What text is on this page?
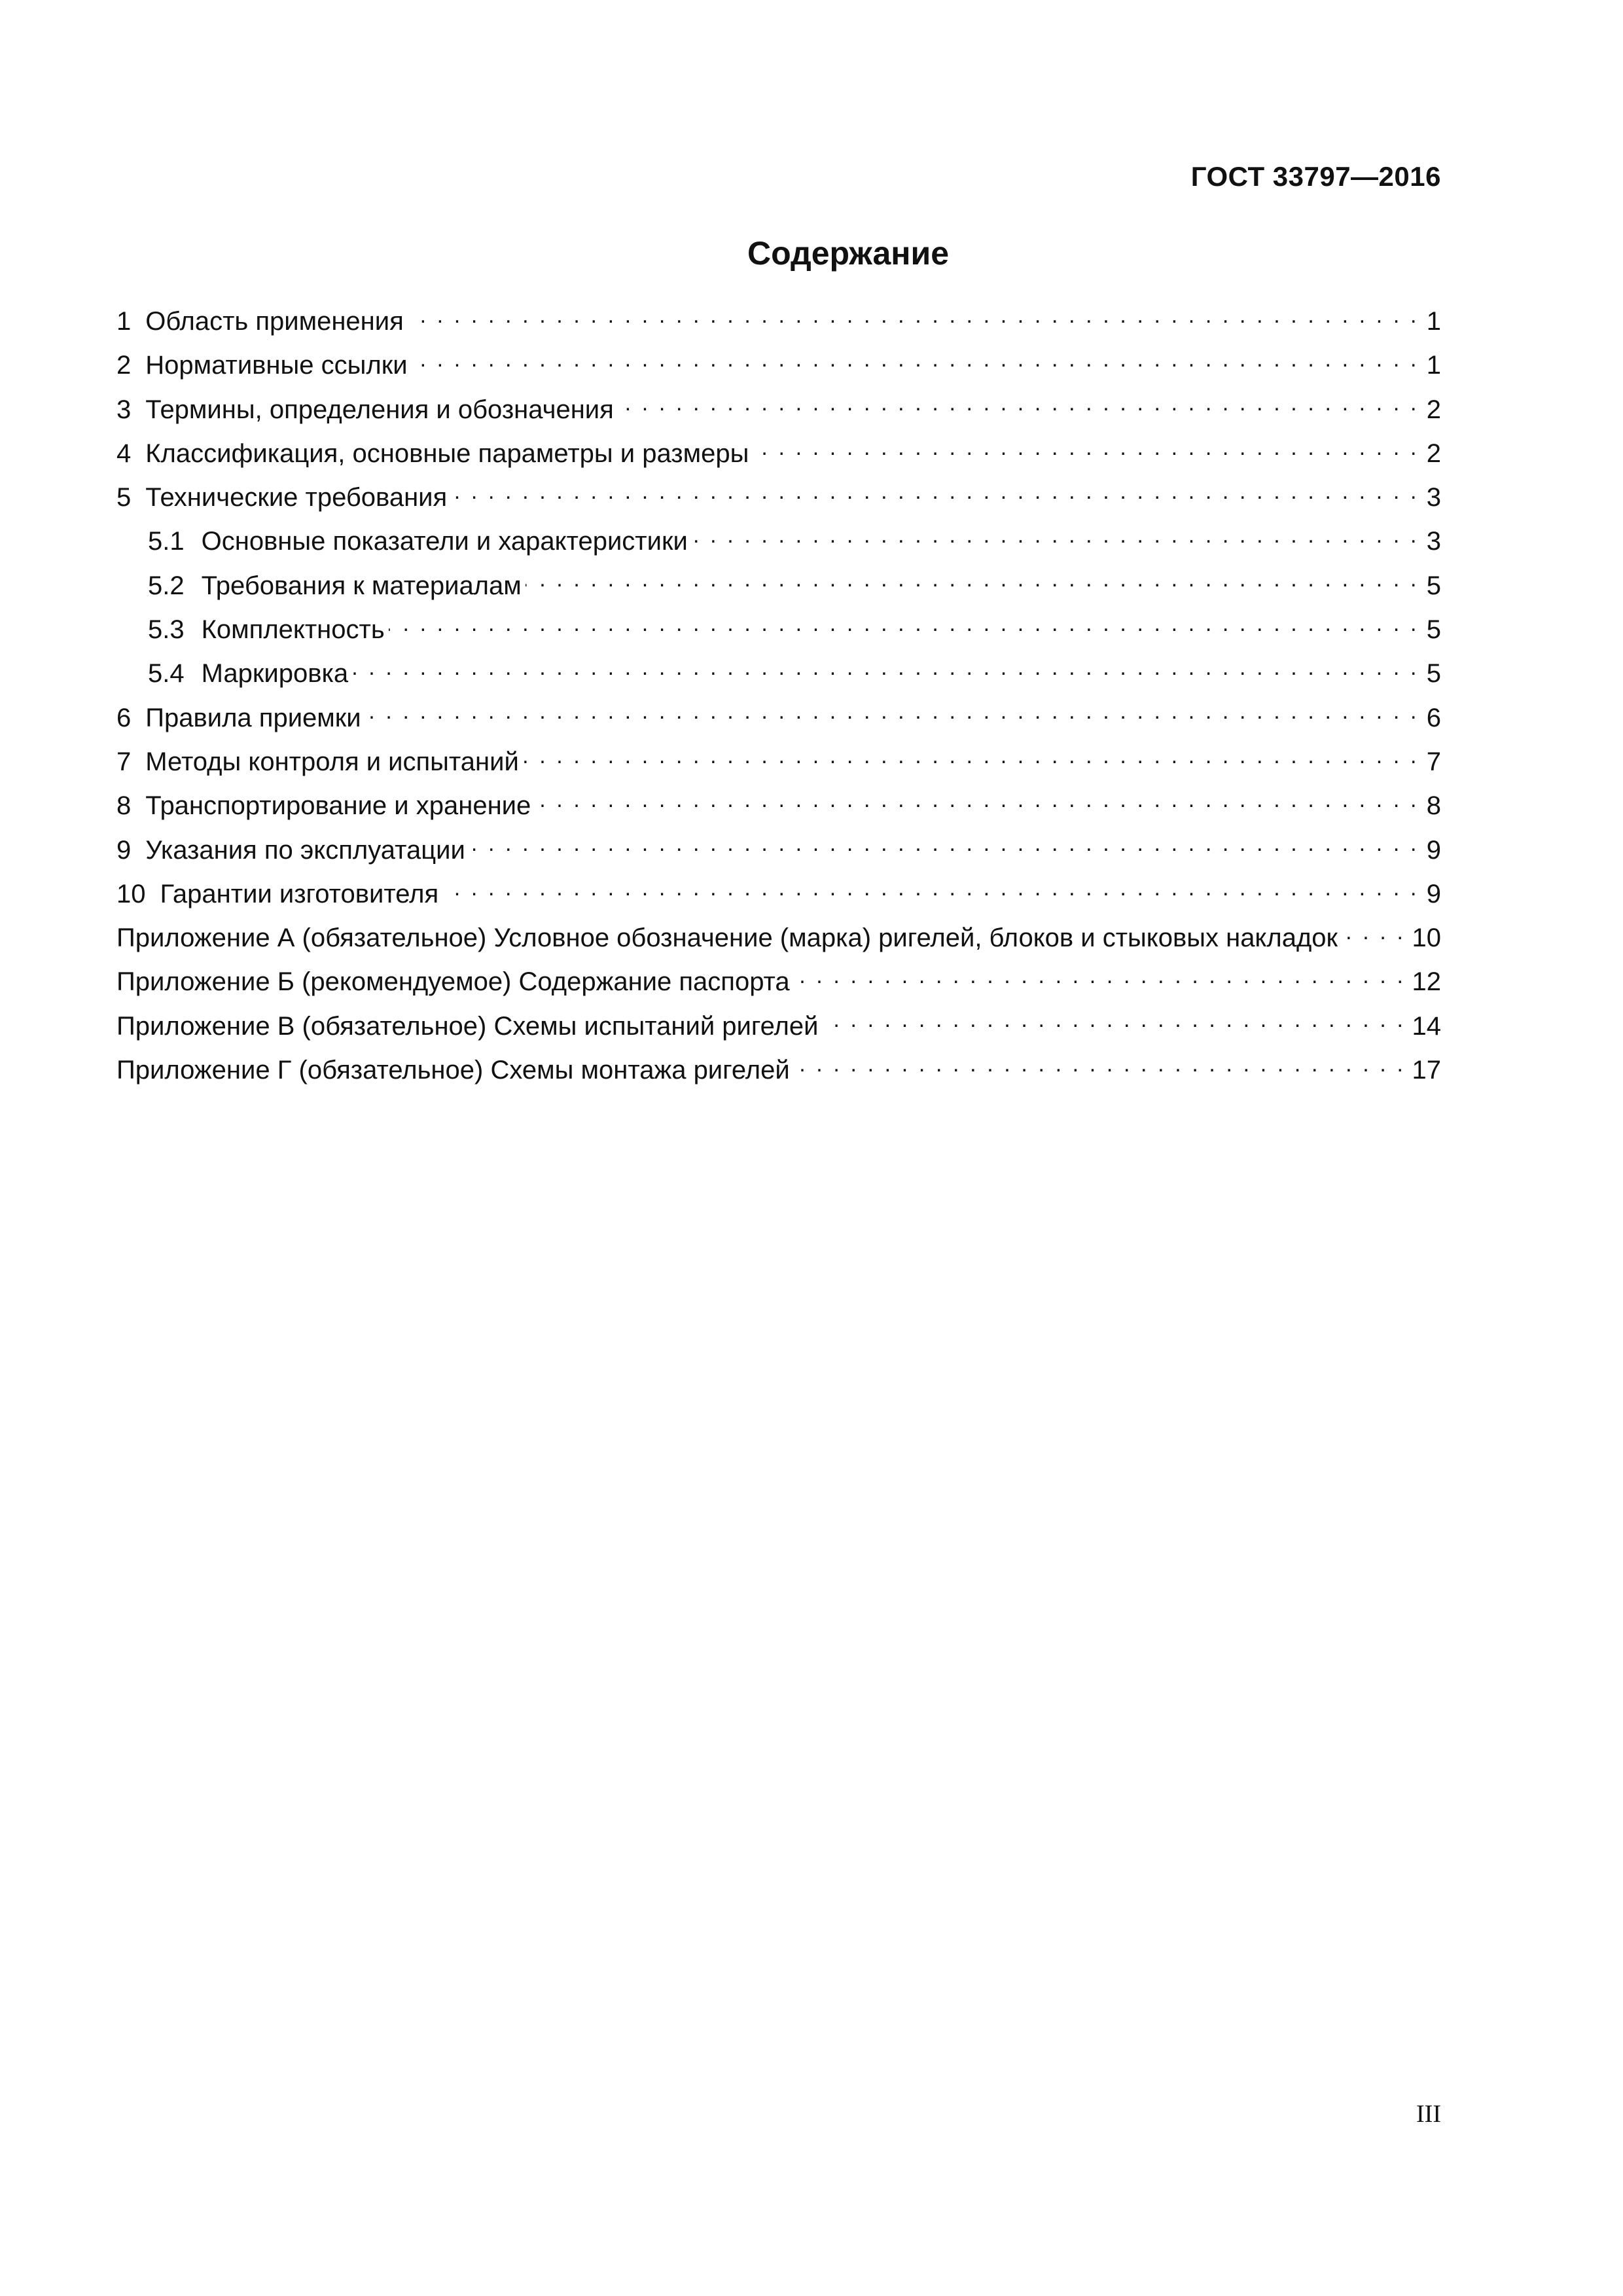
ГОСТ 33797—2016
Содержание
1 Область применения . . .	1
2 Нормативные ссылки . . .	1
3 Термины, определения и обозначения . . .	2
4 Классификация, основные параметры и размеры . . .	2
5 Технические требования . . .	3
5.1 Основные показатели и характеристики . . .	3
5.2 Требования к материалам . . .	5
5.3 Комплектность . . .	5
5.4 Маркировка . . .	5
6 Правила приемки . . .	6
7 Методы контроля и испытаний . . .	7
8 Транспортирование и хранение . . .	8
9 Указания по эксплуатации . . .	9
10 Гарантии изготовителя . . .	9
Приложение А (обязательное) Условное обозначение (марка) ригелей, блоков и стыковых накладок . . .	10
Приложение Б (рекомендуемое) Содержание паспорта . . .	12
Приложение В (обязательное) Схемы испытаний ригелей . . .	14
Приложение Г (обязательное) Схемы монтажа ригелей . . .	17
III
